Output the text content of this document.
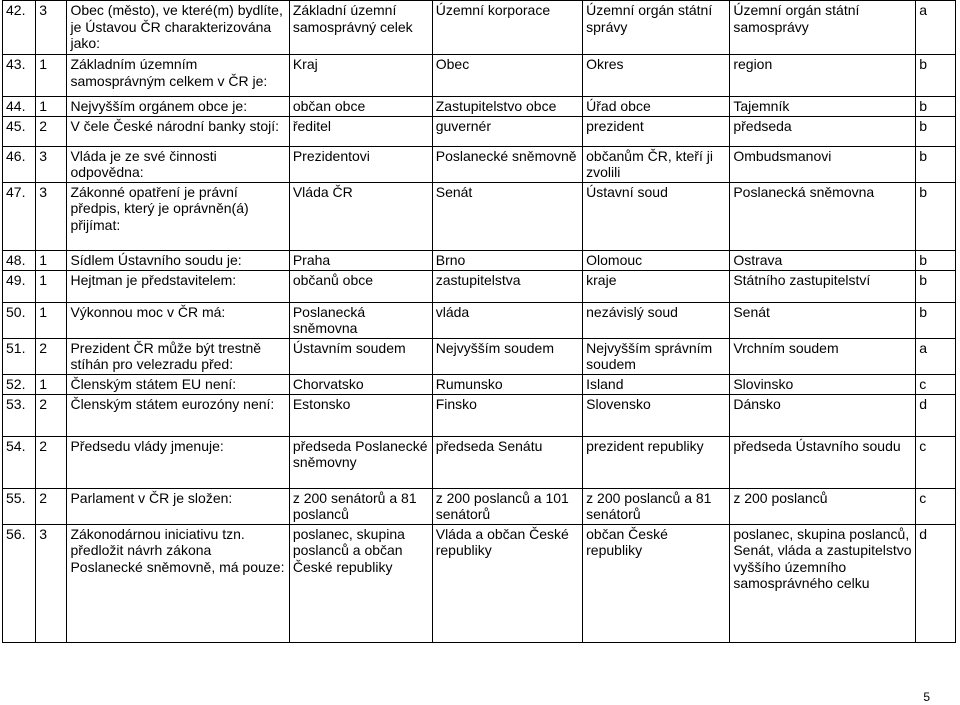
42.	3	Obec (město), ve které(m) bydlíte, je Ústavou ČR charakterizována jako:	Základní územní samosprávný celek	Územní korporace	Územní orgán státní správy	Územní orgán státní samosprávy	a
43.	1	Základním územním samosprávným celkem v ČR je:	Kraj	Obec	Okres	region	b
44.	1	Nejvyšším orgánem obce je:	občan obce	Zastupitelstvo obce	Úřad obce	Tajemník	b
45.	2	V čele České národní banky stojí:	ředitel	guvernér	prezident	předseda	b
46.	3	Vláda je ze své činnosti odpovědna:	Prezidentovi	Poslanecké sněmovně	občanům ČR, kteří ji zvolili	Ombudsmanovi	b
47.	3	Zákonné opatření je právní předpis, který je oprávněn(á) přijímat:	Vláda ČR	Senát	Ústavní soud	Poslanecká sněmovna	b
48.	1	Sídlem Ústavního soudu je:	Praha	Brno	Olomouc	Ostrava	b
49.	1	Hejtman je představitelem:	občanů obce	zastupitelstva	kraje	Státního zastupitelství	b
50.	1	Výkonnou moc v ČR má:	Poslanecká sněmovna	vláda	nezávislý soud	Senát	b
51.	2	Prezident ČR může být trestně stíhán pro velezradu před:	Ústavním soudem	Nejvyšším soudem	Nejvyšším správním soudem	Vrchním soudem	a
52.	1	Členským státem EU není:	Chorvatsko	Rumunsko	Island	Slovinsko	c
53.	2	Členským státem eurozóny není:	Estonsko	Finsko	Slovensko	Dánsko	d
54.	2	Předsedu vlády jmenuje:	předseda Poslanecké sněmovny	předseda Senátu	prezident republiky	předseda Ústavního soudu	c
55.	2	Parlament v ČR je složen:	z 200 senátorů a 81 poslanců	z 200 poslanců a 101 senátorů	z 200 poslanců a 81 senátorů	z 200 poslanců	c
56.	3	Zákonodárnou iniciativu tzn. předložit návrh zákona Poslanecké sněmovně, má pouze:	poslanec, skupina poslanců a občan České republiky	Vláda a občan České republiky	občan České republiky	poslanec, skupina poslanců, Senát, vláda a zastupitelstvo vyššího územního samosprávného celku	d
5
